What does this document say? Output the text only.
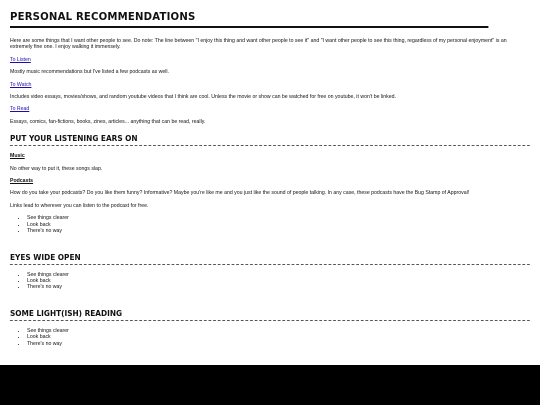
PERSONAL RECOMMENDATIONS

Here are some things that I want other people to see. Do note: The line between "I enjoy this thing and want other people to see it" and "I want other people to see this thing, regardless of my personal enjoyment" is an extremely fine one. I enjoy walking it immensely.

To Listen

Mostly music recommendations but I've listed a few podcasts as well.

To Watch

Includes video essays, movies/shows, and random youtube videos that I think are cool. Unless the movie or show can be watched for free on youtube, it won't be linked.

To Read

Essays, comics, fan-fictions, books, zines, articles... anything that can be read, really.

PUT YOUR LISTENING EARS ON
Music

No other way to put it, these songs slap.

Podcasts

How do you take your podcasts? Do you like them funny? Informative? Maybe you're like me and you just like the sound of people talking. In any case, these podcasts have the Bug Stamp of Approval!

Links lead to wherever you can listen to the podcast for free.

• See things clearer
• Look back
• There's no way
EYES WIDE OPEN
• See things clearer
• Look back
• There's no way
SOME LIGHT(ISH) READING
• See things clearer
• Look back
• There's no way
